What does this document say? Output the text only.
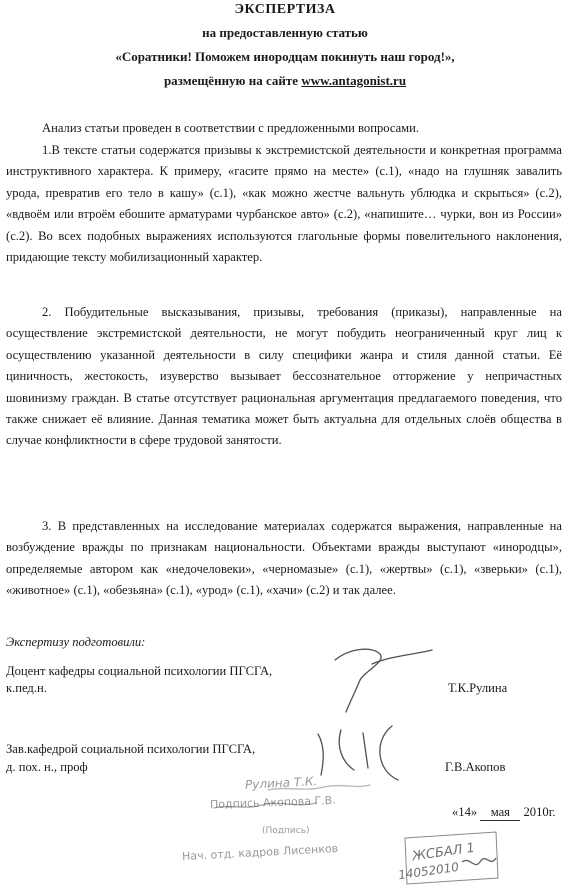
ЭКСПЕРТИЗА
на предоставленную статью
«Соратники! Поможем инородцам покинуть наш город!»,
размещённую на сайте www.antagonist.ru

Анализ статьи проведен в соответствии с предложенными вопросами.

1.В тексте статьи содержатся призывы к экстремистской деятельности и конкретная программа инструктивного характера. К примеру, «гасите прямо на месте» (с.1), «надо на глушняк завалить урода, превратив его тело в кашу» (с.1), «как можно жестче вальнуть ублюдка и скрыться» (с.2), «вдвоём или втроём ебошите арматурами чурбанское авто» (с.2), «напишите… чурки, вон из России» (с.2). Во всех подобных выражениях используются глагольные формы повелительного наклонения, придающие тексту мобилизационный характер.

2. Побудительные высказывания, призывы, требования (приказы), направленные на осуществление экстремистской деятельности, не могут побудить неограниченный круг лиц к осуществлению указанной деятельности в силу специфики жанра и стиля данной статьи. Её циничность, жестокость, изуверство вызывает бессознательное отторжение у непричастных шовинизму граждан. В статье отсутствует рациональная аргументация предлагаемого поведения, что также снижает её влияние. Данная тематика может быть актуальна для отдельных слоёв общества в случае конфликтности в сфере трудовой занятости.

3. В представленных на исследование материалах содержатся выражения, направленные на возбуждение вражды по признакам национальности. Объектами вражды выступают «инородцы», определяемые автором как «недочеловеки», «черномазые» (с.1), «жертвы» (с.1), «зверьки» (с.1), «животное» (с.1), «обезьяна» (с.1), «урод» (с.1), «хачи» (с.2) и так далее.

Экспертизу подготовили:
Доцент кафедры социальной психологии ПГСГА,
к.пед.н.	Т.К.Рулина
Зав.кафедрой социальной психологии ПГСГА,
д. пох. н., проф	Г.В.Акопов
«14» мая 2010г.
Рулина Т.К.
Подпись Акопова Г.В.
(Подпись)
Нач. отд. кадров Лисенков	ЖСБАЛ 1
14052010
